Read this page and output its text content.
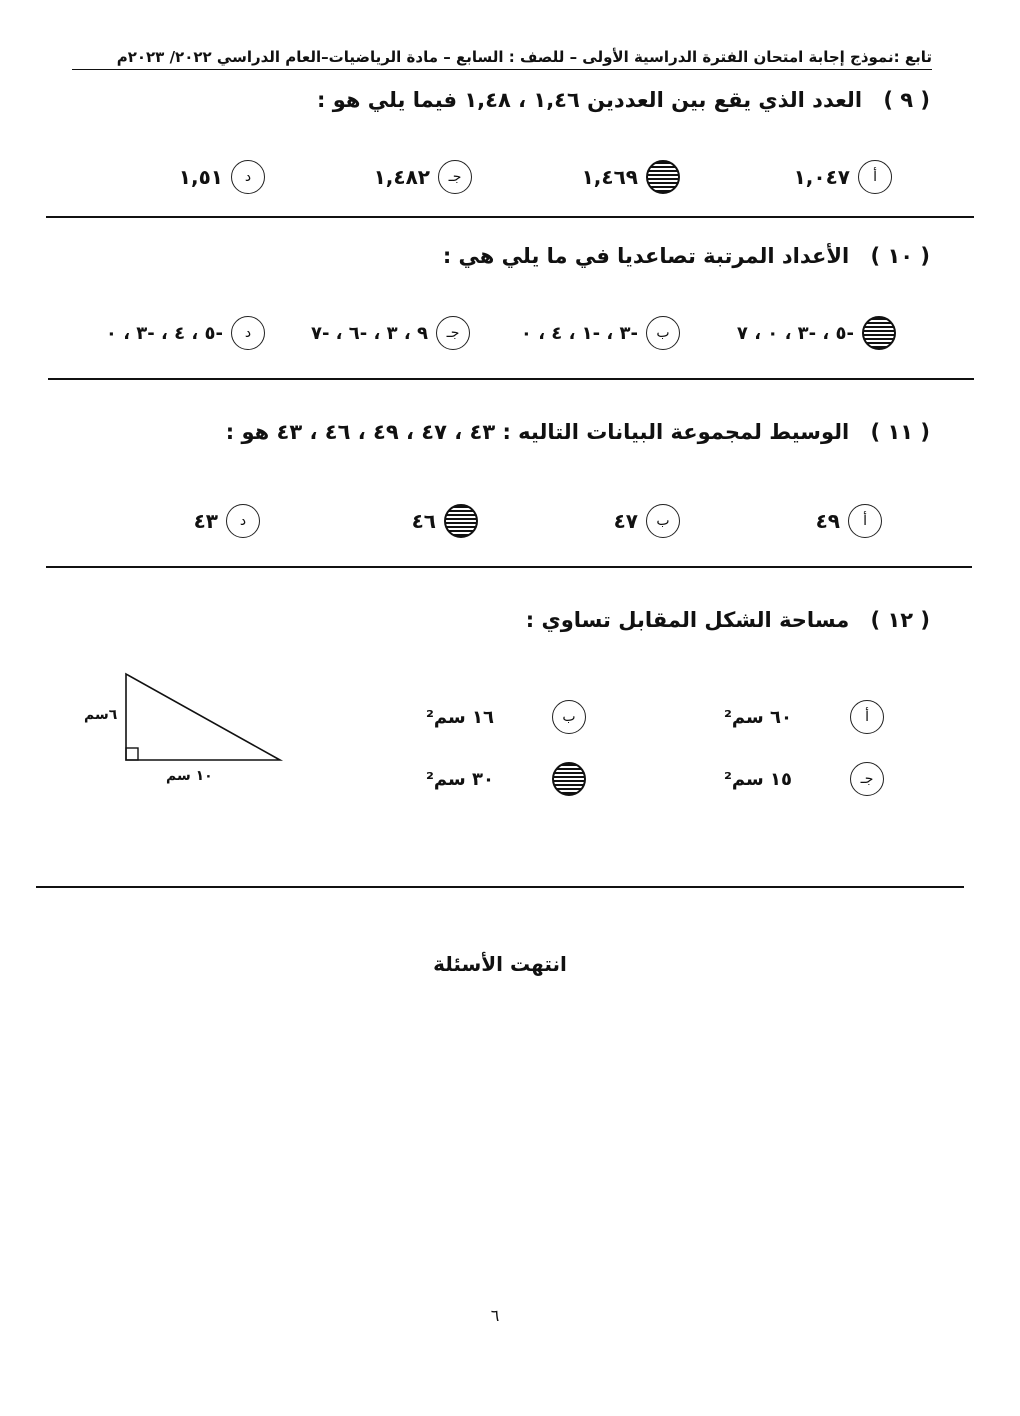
تابع :نموذج إجابة امتحان الفترة الدراسية الأولى – للصف : السابع – مادة الرياضيات–العام الدراسي ٢٠٢٢/ ٢٠٢٣م
( ٩ ) العدد الذي يقع بين العددين ١,٤٦ ، ١,٤٨ فيما يلي هو :
أ
١,٠٤٧
١,٤٦٩
جـ
١,٤٨٢
د
١,٥١
( ١٠ ) الأعداد المرتبة تصاعديا في ما يلي هي :
-٥ ، -٣ ، ٠ ، ٧
ب
-٣ ، -١ ، ٤ ، ٠
جـ
٩ ، ٣ ، -٦ ، -٧
د
-٥ ، ٤ ، -٣ ، ٠
( ١١ ) الوسيط لمجموعة البيانات التاليه : ٤٣ ، ٤٧ ، ٤٩ ، ٤٦ ، ٤٣ هو :
أ
٤٩
ب
٤٧
٤٦
د
٤٣
( ١٢ ) مساحة الشكل المقابل تساوي :
أ
٦٠ سم²
ب
١٦ سم²
جـ
١٥ سم²
٣٠ سم²
٦سم
١٠ سم
انتهت الأسئلة
٦
